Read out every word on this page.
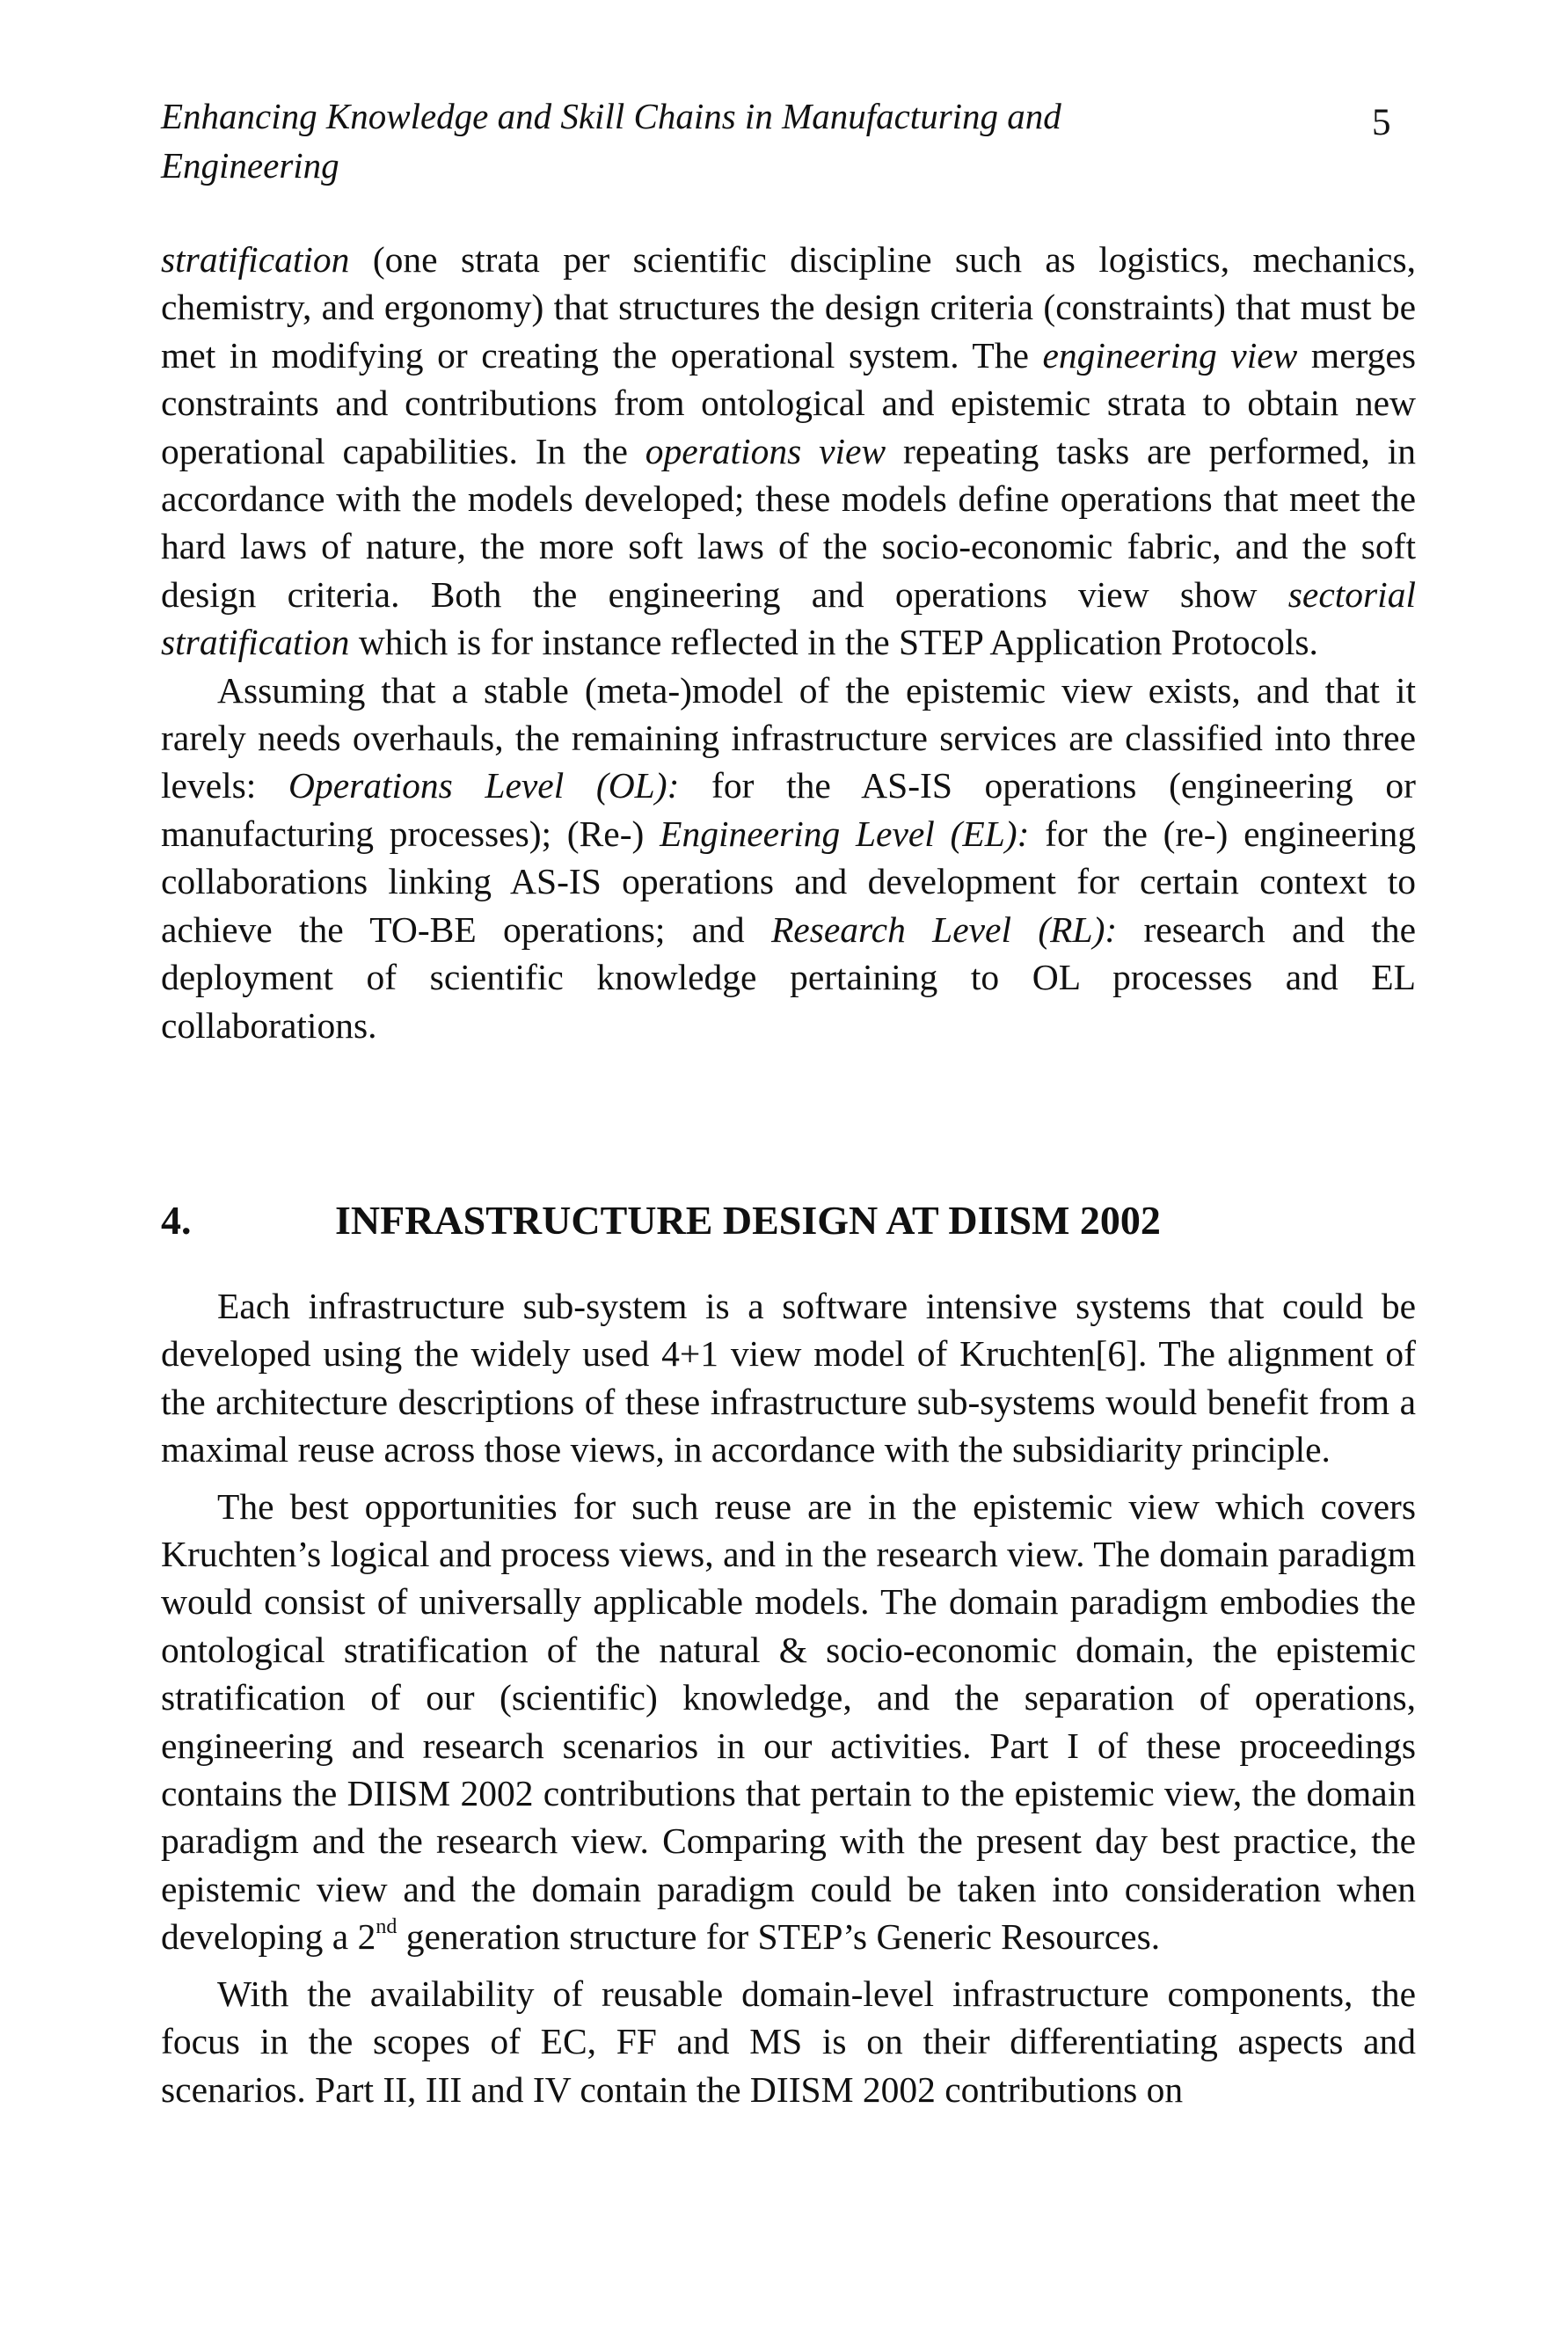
Enhancing Knowledge and Skill Chains in Manufacturing and Engineering
5

stratification (one strata per scientific discipline such as logistics, mechanics, chemistry, and ergonomy) that structures the design criteria (constraints) that must be met in modifying or creating the operational system. The engineering view merges constraints and contributions from ontological and epistemic strata to obtain new operational capabilities. In the operations view repeating tasks are performed, in accordance with the models developed; these models define operations that meet the hard laws of nature, the more soft laws of the socio-economic fabric, and the soft design criteria. Both the engineering and operations view show sectorial stratification which is for instance reflected in the STEP Application Protocols.

Assuming that a stable (meta-)model of the epistemic view exists, and that it rarely needs overhauls, the remaining infrastructure services are classified into three levels: Operations Level (OL): for the AS-IS operations (engineering or manufacturing processes); (Re-) Engineering Level (EL): for the (re-) engineering collaborations linking AS-IS operations and development for certain context to achieve the TO-BE operations; and Research Level (RL): research and the deployment of scientific knowledge pertaining to OL processes and EL collaborations.

4.	INFRASTRUCTURE DESIGN AT DIISM 2002

Each infrastructure sub-system is a software intensive systems that could be developed using the widely used 4+1 view model of Kruchten[6]. The alignment of the architecture descriptions of these infrastructure sub-systems would benefit from a maximal reuse across those views, in accordance with the subsidiarity principle.

The best opportunities for such reuse are in the epistemic view which covers Kruchten’s logical and process views, and in the research view. The domain paradigm would consist of universally applicable models. The domain paradigm embodies the ontological stratification of the natural & socio-economic domain, the epistemic stratification of our (scientific) knowledge, and the separation of operations, engineering and research scenarios in our activities. Part I of these proceedings contains the DIISM 2002 contributions that pertain to the epistemic view, the domain paradigm and the research view. Comparing with the present day best practice, the epistemic view and the domain paradigm could be taken into consideration when developing a 2nd generation structure for STEP’s Generic Resources.

With the availability of reusable domain-level infrastructure components, the focus in the scopes of EC, FF and MS is on their differentiating aspects and scenarios. Part II, III and IV contain the DIISM 2002 contributions on
